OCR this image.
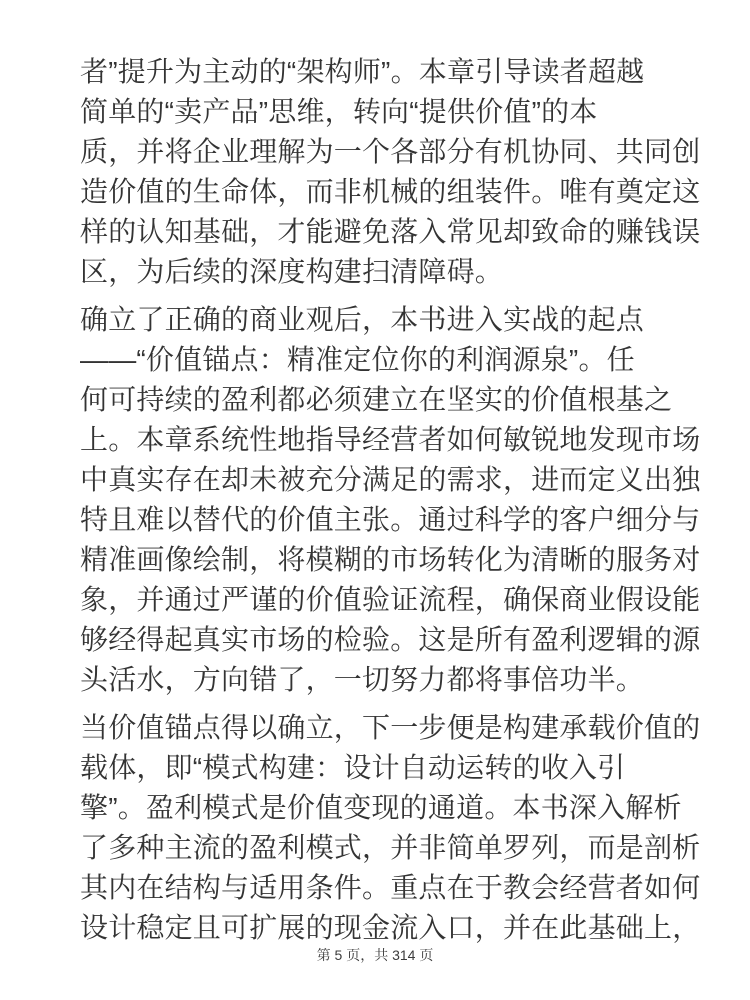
者”提升为主动的“架构师”。本章引导读者超越
简单的“卖产品”思维，转向“提供价值”的本
质，并将企业理解为一个各部分有机协同、共同创
造价值的生命体，而非机械的组装件。唯有奠定这
样的认知基础，才能避免落入常见却致命的赚钱误
区，为后续的深度构建扫清障碍。
确立了正确的商业观后，本书进入实战的起点
——“价值锚点：精准定位你的利润源泉”。任
何可持续的盈利都必须建立在坚实的价值根基之
上。本章系统性地指导经营者如何敏锐地发现市场
中真实存在却未被充分满足的需求，进而定义出独
特且难以替代的价值主张。通过科学的客户细分与
精准画像绘制，将模糊的市场转化为清晰的服务对
象，并通过严谨的价值验证流程，确保商业假设能
够经得起真实市场的检验。这是所有盈利逻辑的源
头活水，方向错了，一切努力都将事倍功半。
当价值锚点得以确立，下一步便是构建承载价值的
载体，即“模式构建：设计自动运转的收入引
擎”。盈利模式是价值变现的通道。本书深入解析
了多种主流的盈利模式，并非简单罗列，而是剖析
其内在结构与适用条件。重点在于教会经营者如何
设计稳定且可扩展的现金流入口，并在此基础上，
第 5 页，共 314 页
